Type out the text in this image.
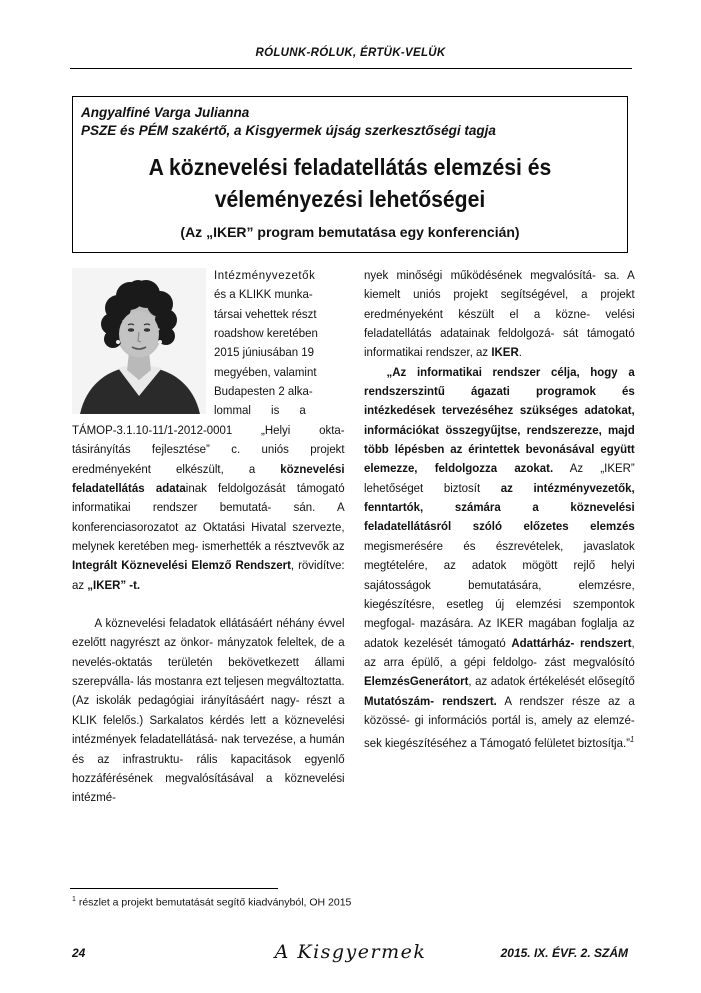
RÓLUNK-RÓLUK, ÉRTÜK-VELÜK
Angyalfiné Varga Julianna
PSZE és PÉM szakértő, a Kisgyermek újság szerkesztőségi tagja
A köznevelési feladatellátás elemzési és
véleményezési lehetőségei
(Az „IKER” program bemutatása egy konferencián)
Intézményvezetők
és a KLIKK munka-
társai vehettek részt
roadshow keretében
2015 júniusában 19
megyében, valamint
Budapesten 2 alka-
lommal is a

TÁMOP-3.1.10-11/1-2012-0001 „Helyi okta- tásirányítás fejlesztése” c. uniós projekt eredményeként elkészült, a köznevelési feladatellátás adatainak feldolgozását támogató informatikai rendszer bemutatá- sán. A konferenciasorozatot az Oktatási Hivatal szervezte, melynek keretében meg- ismerhették a résztvevők az Integrált Köznevelési Elemző Rendszert, rövidítve: az „IKER” -t.

A köznevelési feladatok ellátásáért néhány évvel ezelőtt nagyrészt az önkor- mányzatok feleltek, de a nevelés-oktatás területén bekövetkezett állami szerepválla- lás mostanra ezt teljesen megváltoztatta. (Az iskolák pedagógiai irányításáért nagy- részt a KLIK felelős.) Sarkalatos kérdés lett a köznevelési intézmények feladatellátásá- nak tervezése, a humán és az infrastruktu- rális kapacitások egyenlő hozzáférésének megvalósításával a köznevelési intézmé-

nyek minőségi működésének megvalósítá- sa. A kiemelt uniós projekt segítségével, a projekt eredményeként készült el a közne- velési feladatellátás adatainak feldolgozá- sát támogató informatikai rendszer, az IKER.

„Az informatikai rendszer célja, hogy a rendszerszintű ágazati programok és intézkedések tervezéséhez szükséges adatokat, információkat összegyűjtse, rendszerezze, majd több lépésben az érintettek bevonásával együtt elemezze, feldolgozza azokat. Az „IKER” lehetőséget biztosít az intézményvezetők, fenntartók, számára a köznevelési feladatellátásról szóló előzetes elemzés megismerésére és észrevételek, javaslatok megtételére, az adatok mögött rejlő helyi sajátosságok bemutatására, elemzésre, kiegészítésre, esetleg új elemzési szempontok megfogal- mazására. Az IKER magában foglalja az adatok kezelését támogató Adattárház- rendszert, az arra épülő, a gépi feldolgo- zást megvalósító ElemzésGenerátort, az adatok értékelését elősegítő Mutatószám- rendszert. A rendszer része az a közössé- gi információs portál is, amely az elemzé- sek kiegészítéséhez a Támogató felületet biztosítja.”$^1$

$^1$ részlet a projekt bemutatását segítő kiadványból, OH 2015
24	A Kisgyermek	2015. IX. ÉVF. 2. SZÁM
